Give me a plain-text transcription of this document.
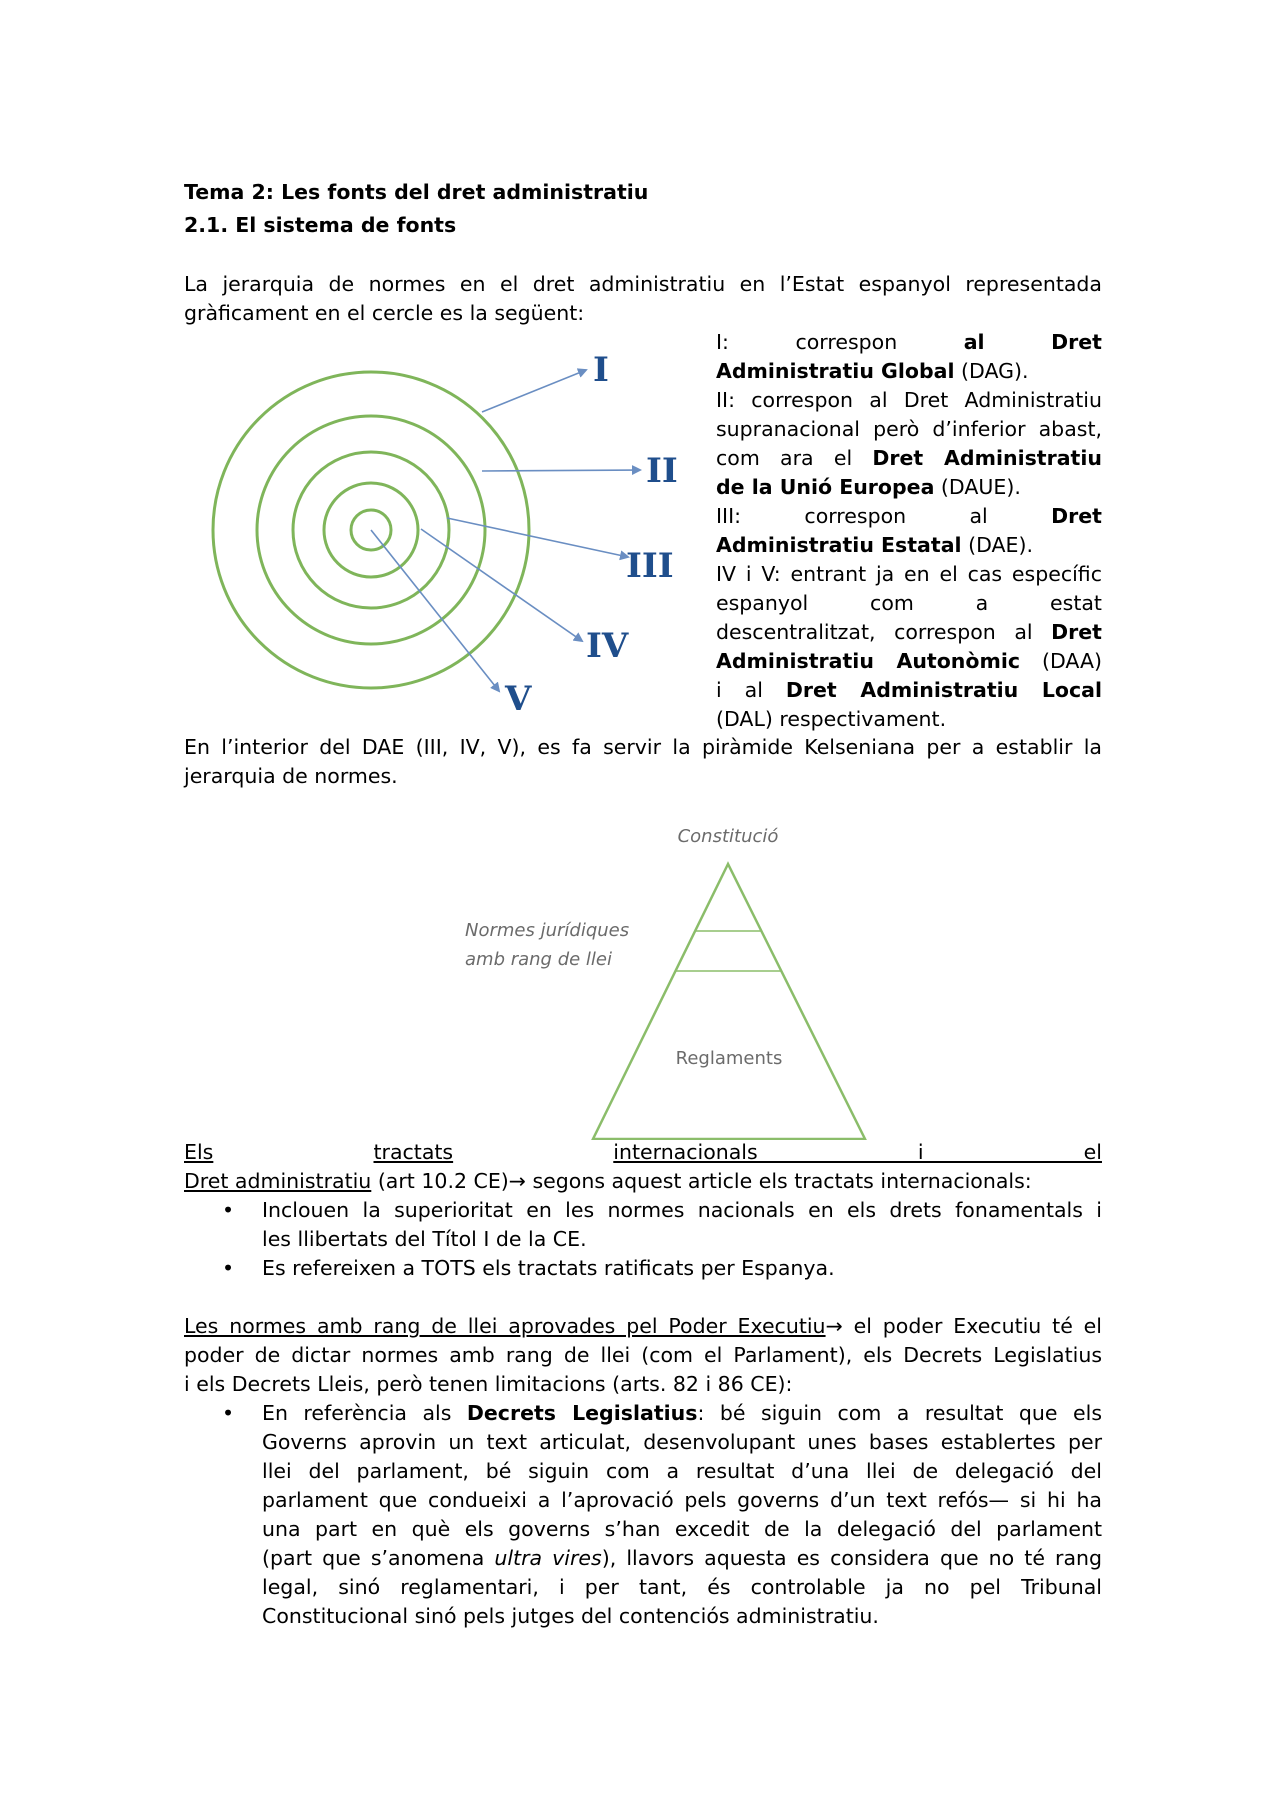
Tema 2: Les fonts del dret administratiu
2.1. El sistema de fonts
La jerarquia de normes en el dret administratiu en l’Estat espanyol representada
gràficament en el cercle es la següent:
I:	correspon	al	Dret
Administratiu Global (DAG).
II: correspon al Dret Administratiu
supranacional però d’inferior abast,
com ara el Dret Administratiu
de la Unió Europea (DAUE).
III:	correspon	al	Dret
Administratiu Estatal (DAE).
IV i V: entrant ja en el cas específic
espanyol	com	a	estat
descentralitzat, correspon al Dret
Administratiu Autonòmic (DAA)
i al Dret Administratiu Local
(DAL) respectivament.
En l’interior del DAE (III, IV, V), es fa servir la piràmide Kelseniana per a establir la
jerarquia de normes.
Els	tractats	internacionals i el
Dret administratiu (art 10.2 CE)→ segons aquest article els tractats internacionals:
• Inclouen la superioritat en les normes nacionals en els drets fonamentals i
les llibertats del Títol I de la CE.
• Es refereixen a TOTS els tractats ratificats per Espanya.
Les normes amb rang de llei aprovades pel Poder Executiu→ el poder Executiu té el
poder de dictar normes amb rang de llei (com el Parlament), els Decrets Legislatius
i els Decrets Lleis, però tenen limitacions (arts. 82 i 86 CE):
• En referència als Decrets Legislatius: bé siguin com a resultat que els
Governs aprovin un text articulat, desenvolupant unes bases establertes per
llei del parlament, bé siguin com a resultat d’una llei de delegació del
parlament que condueixi a l’aprovació pels governs d’un text refós— si hi ha
una part en què els governs s’han excedit de la delegació del parlament
(part que s’anomena ultra vires), llavors aquesta es considera que no té rang
legal, sinó reglamentari, i per tant, és controlable ja no pel Tribunal
Constitucional sinó pels jutges del contenciós administratiu.
I
II
III
IV
V
Constitució
Normes jurídiques
amb rang de llei
Reglaments
